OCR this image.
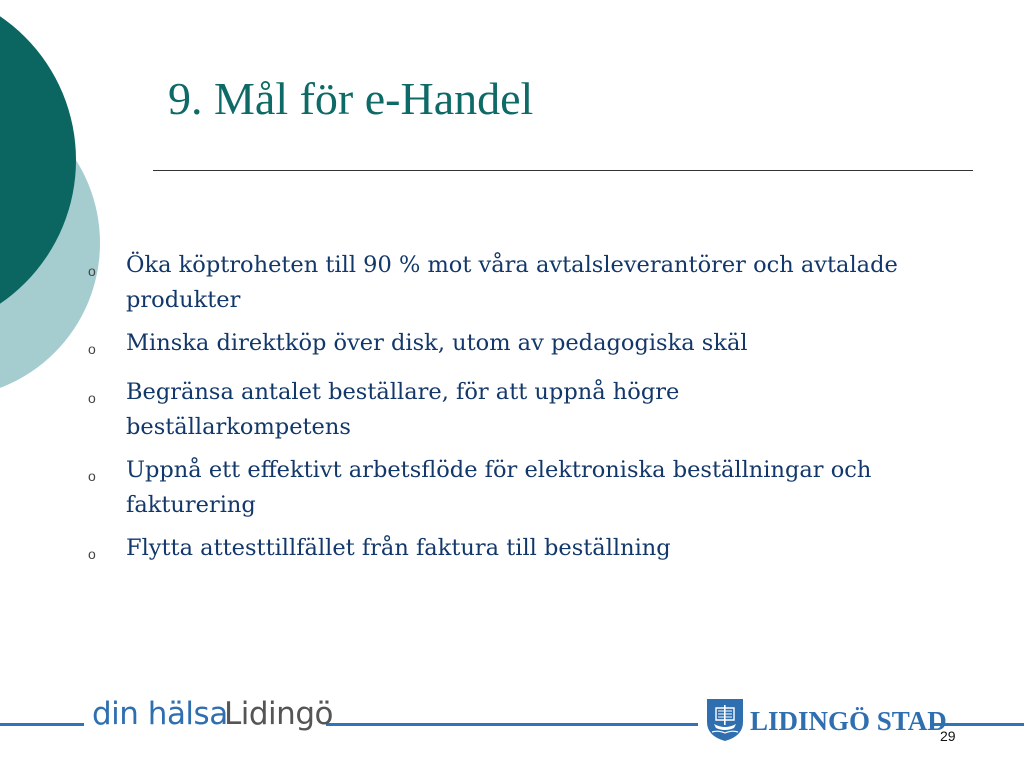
9. Mål för e-Handel
o	Öka köptroheten till 90 % mot våra avtalsleverantörer och avtalade produkter
o	Minska direktköp över disk, utom av pedagogiska skäl
o	Begränsa antalet beställare, för att uppnå högre beställarkompetens
o	Uppnå ett effektivt arbetsflöde för elektroniska beställningar och fakturering
o	Flytta attesttillfället från faktura till beställning
din hälsa
Lidingö	LIDINGÖ STAD
29
